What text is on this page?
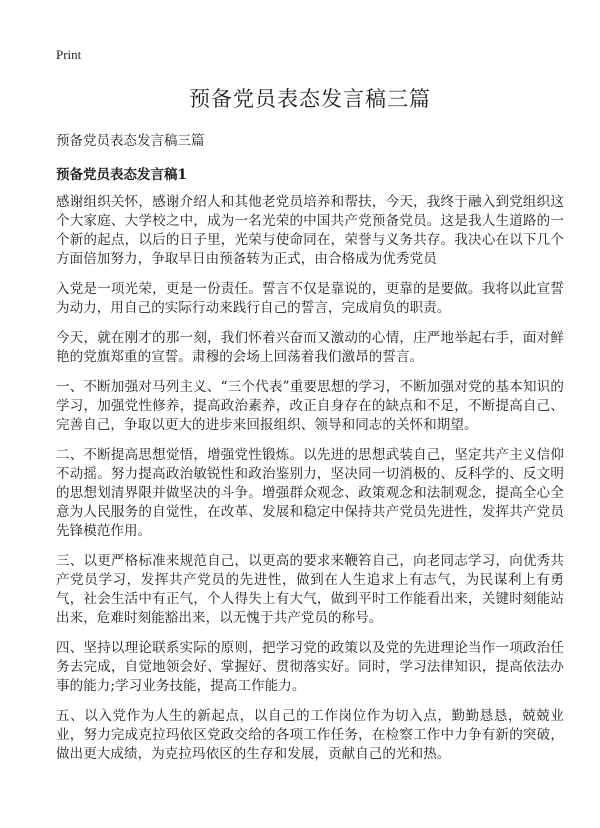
Print
预备党员表态发言稿三篇

预备党员表态发言稿三篇

预备党员表态发言稿1

感谢组织关怀，感谢介绍人和其他老党员培养和帮扶，今天，我终于融入到党组织这个大家庭、大学校之中，成为一名光荣的中国共产党预备党员。这是我人生道路的一个新的起点，以后的日子里，光荣与使命同在，荣誉与义务共存。我决心在以下几个方面倍加努力，争取早日由预备转为正式，由合格成为优秀党员

入党是一项光荣，更是一份责任。誓言不仅是靠说的，更靠的是要做。我将以此宣誓为动力，用自己的实际行动来践行自己的誓言，完成肩负的职责。

今天，就在刚才的那一刻，我们怀着兴奋而又激动的心情，庄严地举起右手，面对鲜艳的党旗郑重的宣誓。肃穆的会场上回荡着我们激昂的誓言。

一、不断加强对马列主义、“三个代表”重要思想的学习，不断加强对党的基本知识的学习，加强党性修养，提高政治素养，改正自身存在的缺点和不足，不断提高自己、完善自己，争取以更大的进步来回报组织、领导和同志的关怀和期望。

二、不断提高思想觉悟，增强党性锻炼。以先进的思想武装自己，坚定共产主义信仰不动摇。努力提高政治敏锐性和政治鉴别力，坚决同一切消极的、反科学的、反文明的思想划清界限并做坚决的斗争。增强群众观念、政策观念和法制观念，提高全心全意为人民服务的自觉性，在改革、发展和稳定中保持共产党员先进性，发挥共产党员先锋模范作用。

三、以更严格标准来规范自己，以更高的要求来鞭笞自己，向老同志学习，向优秀共产党员学习，发挥共产党员的先进性，做到在人生追求上有志气，为民谋利上有勇气，社会生活中有正气，个人得失上有大气，做到平时工作能看出来，关键时刻能站出来，危难时刻能豁出来，以无愧于共产党员的称号。

四、坚持以理论联系实际的原则，把学习党的政策以及党的先进理论当作一项政治任务去完成，自觉地领会好、掌握好、贯彻落实好。同时，学习法律知识，提高依法办事的能力;学习业务技能，提高工作能力。

五、以入党作为人生的新起点，以自己的工作岗位作为切入点，勤勤恳恳，兢兢业业，努力完成克拉玛依区党政交给的各项工作任务，在检察工作中力争有新的突破，做出更大成绩，为克拉玛依区的生存和发展，贡献自己的光和热。
